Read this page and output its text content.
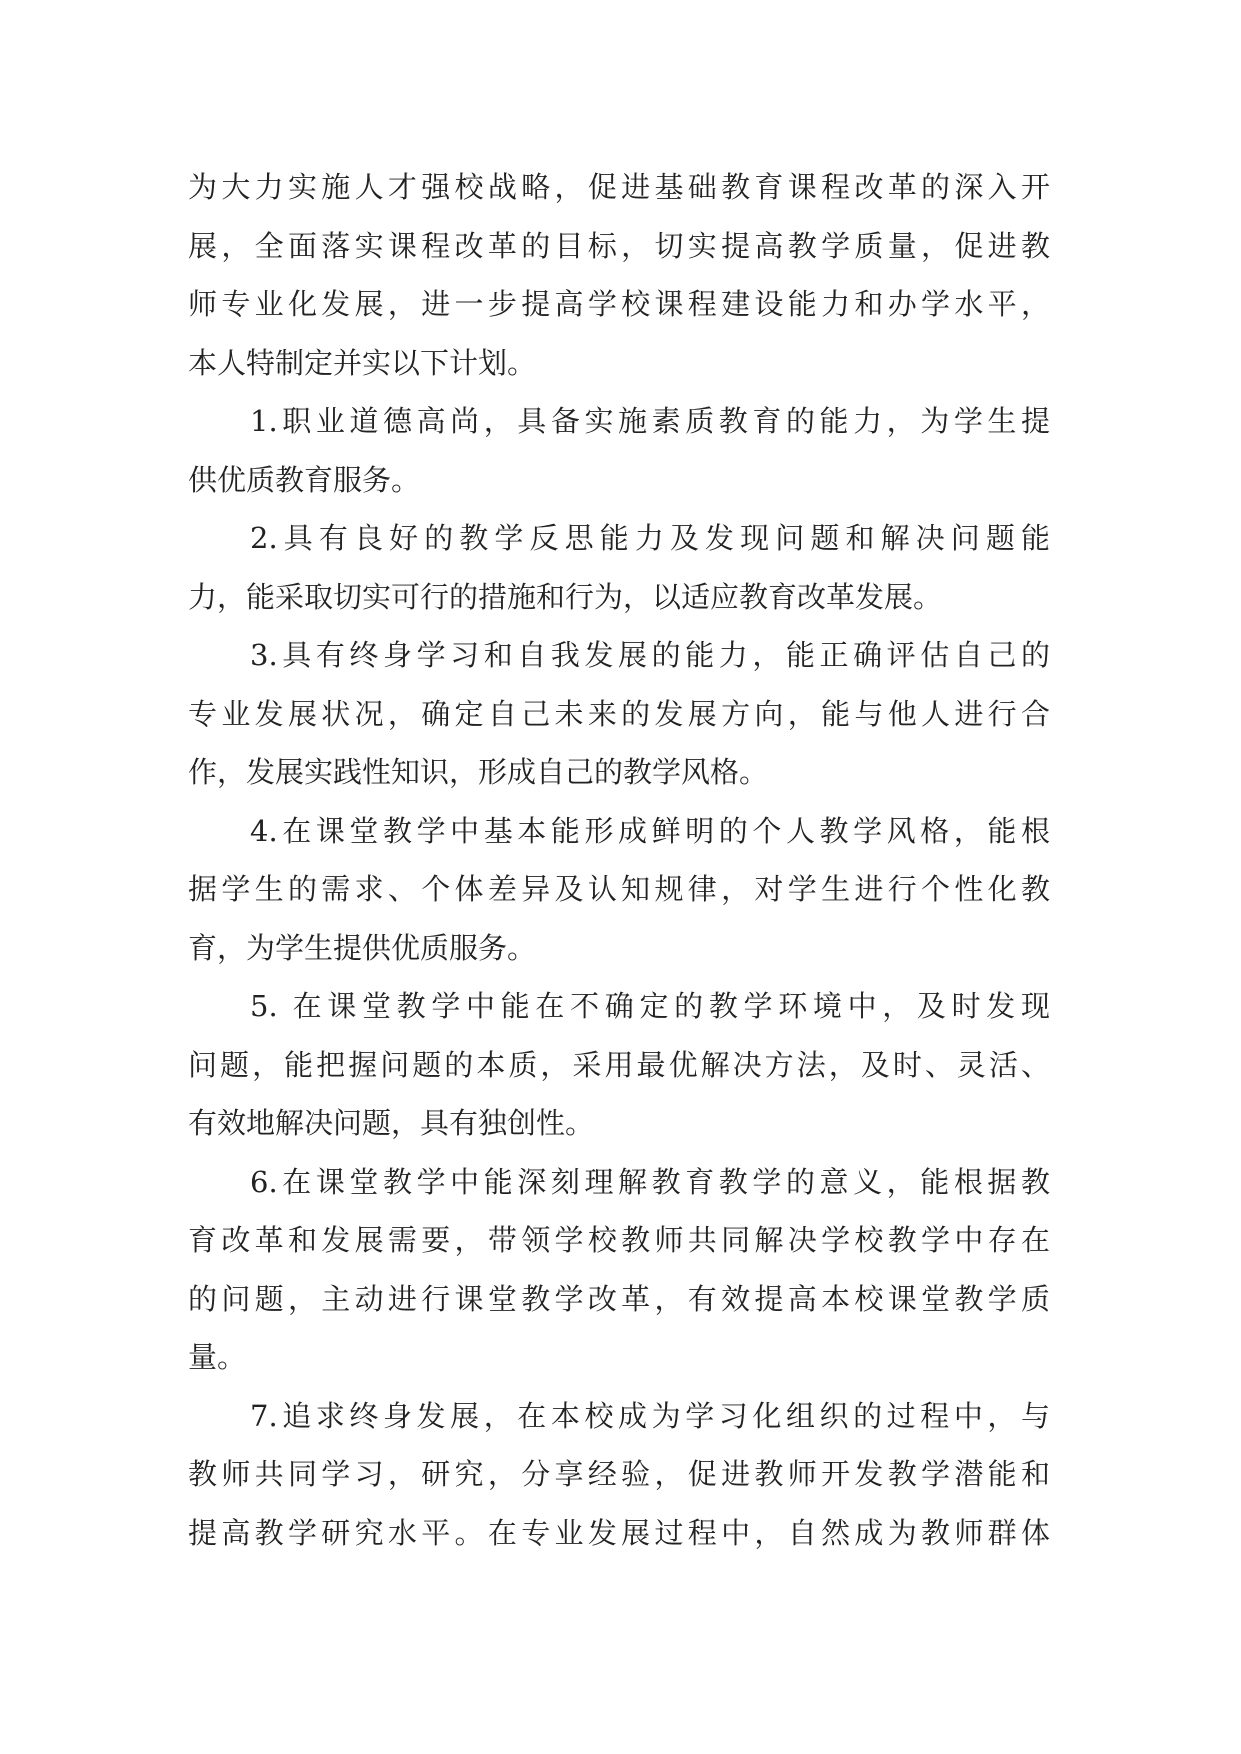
为大力实施人才强校战略，促进基础教育课程改革的深入开
展，全面落实课程改革的目标，切实提高教学质量，促进教
师专业化发展，进一步提高学校课程建设能力和办学水平，
本人特制定并实以下计划。
1.职业道德高尚，具备实施素质教育的能力，为学生提
供优质教育服务。
2.具有良好的教学反思能力及发现问题和解决问题能
力，能采取切实可行的措施和行为，以适应教育改革发展。
3.具有终身学习和自我发展的能力，能正确评估自己的
专业发展状况，确定自己未来的发展方向，能与他人进行合
作，发展实践性知识，形成自己的教学风格。
4.在课堂教学中基本能形成鲜明的个人教学风格，能根
据学生的需求、个体差异及认知规律，对学生进行个性化教
育，为学生提供优质服务。
5. 在课堂教学中能在不确定的教学环境中，及时发现
问题，能把握问题的本质，采用最优解决方法，及时、灵活、
有效地解决问题，具有独创性。
6.在课堂教学中能深刻理解教育教学的意义，能根据教
育改革和发展需要，带领学校教师共同解决学校教学中存在
的问题，主动进行课堂教学改革，有效提高本校课堂教学质
量。
7.追求终身发展，在本校成为学习化组织的过程中，与
教师共同学习，研究，分享经验，促进教师开发教学潜能和
提高教学研究水平。在专业发展过程中，自然成为教师群体
